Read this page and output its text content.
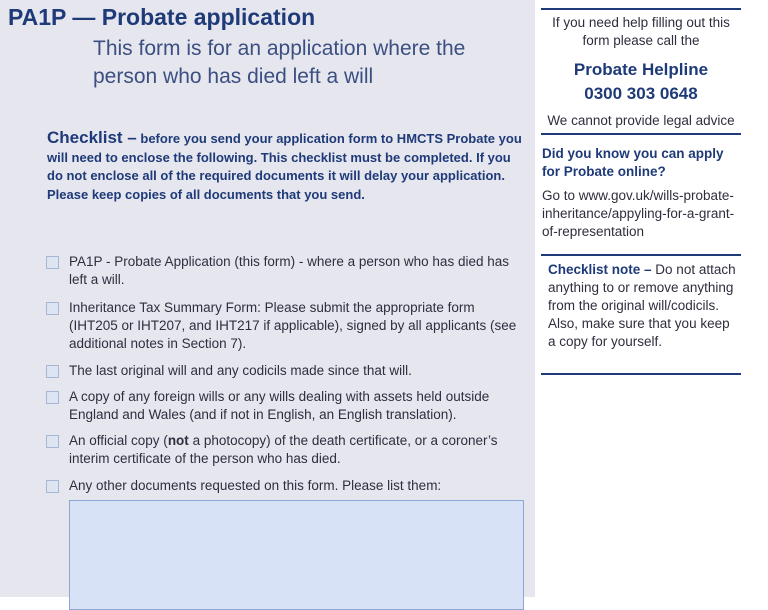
PA1P — Probate application
This form is for an application where the person who has died left a will

Checklist – before you send your application form to HMCTS Probate you will need to enclose the following. This checklist must be completed. If you do not enclose all of the required documents it will delay your application. Please keep copies of all documents that you send.

PA1P - Probate Application (this form) - where a person who has died has left a will.
Inheritance Tax Summary Form: Please submit the appropriate form (IHT205 or IHT207, and IHT217 if applicable), signed by all applicants (see additional notes in Section 7).
The last original will and any codicils made since that will.
A copy of any foreign wills or any wills dealing with assets held outside England and Wales (and if not in English, an English translation).
An official copy (not a photocopy) of the death certificate, or a coroner’s interim certificate of the person who has died.
Any other documents requested on this form. Please list them:

If you need help filling out this form please call the

Probate Helpline

0300 303 0648

We cannot provide legal advice

Did you know you can apply for Probate online?

Go to www.gov.uk/wills-probate-inheritance/appyling-for-a-grant-of-representation

Checklist note – Do not attach anything to or remove anything from the original will/codicils. Also, make sure that you keep a copy for yourself.
